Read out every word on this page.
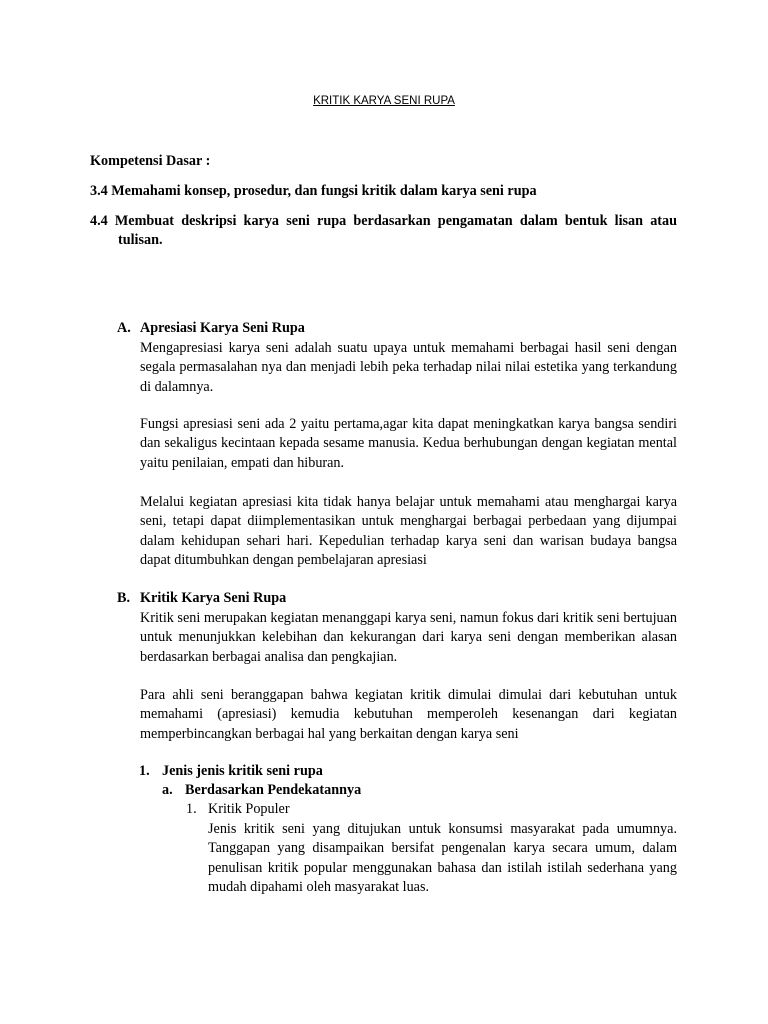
KRITIK KARYA SENI RUPA
Kompetensi Dasar :
3.4 Memahami konsep, prosedur, dan fungsi kritik dalam karya seni rupa
4.4 Membuat deskripsi karya seni rupa berdasarkan pengamatan dalam bentuk lisan atau
tulisan.
A. Apresiasi Karya Seni Rupa
Mengapresiasi karya seni adalah suatu upaya untuk memahami berbagai hasil seni dengan segala permasalahan nya dan menjadi lebih peka terhadap nilai nilai estetika yang terkandung di dalamnya.
Fungsi apresiasi seni ada 2 yaitu pertama,agar kita dapat meningkatkan karya bangsa sendiri dan sekaligus kecintaan kepada sesame manusia. Kedua berhubungan dengan kegiatan mental yaitu penilaian, empati dan hiburan.
Melalui kegiatan apresiasi kita tidak hanya belajar untuk memahami atau menghargai karya seni, tetapi dapat diimplementasikan untuk menghargai berbagai perbedaan yang dijumpai dalam kehidupan sehari hari. Kepedulian terhadap karya seni dan warisan budaya bangsa dapat ditumbuhkan dengan pembelajaran apresiasi
B. Kritik Karya Seni Rupa
Kritik seni merupakan kegiatan menanggapi karya seni, namun fokus dari kritik seni bertujuan untuk menunjukkan kelebihan dan kekurangan dari karya seni dengan memberikan alasan berdasarkan berbagai analisa dan pengkajian.
Para ahli seni beranggapan bahwa kegiatan kritik dimulai dimulai dari kebutuhan untuk memahami (apresiasi) kemudia kebutuhan memperoleh kesenangan dari kegiatan memperbincangkan berbagai hal yang berkaitan dengan karya seni
1. Jenis jenis kritik seni rupa
a. Berdasarkan Pendekatannya
1. Kritik Populer
Jenis kritik seni yang ditujukan untuk konsumsi masyarakat pada umumnya. Tanggapan yang disampaikan bersifat pengenalan karya secara umum, dalam penulisan kritik popular menggunakan bahasa dan istilah istilah sederhana yang mudah dipahami oleh masyarakat luas.
